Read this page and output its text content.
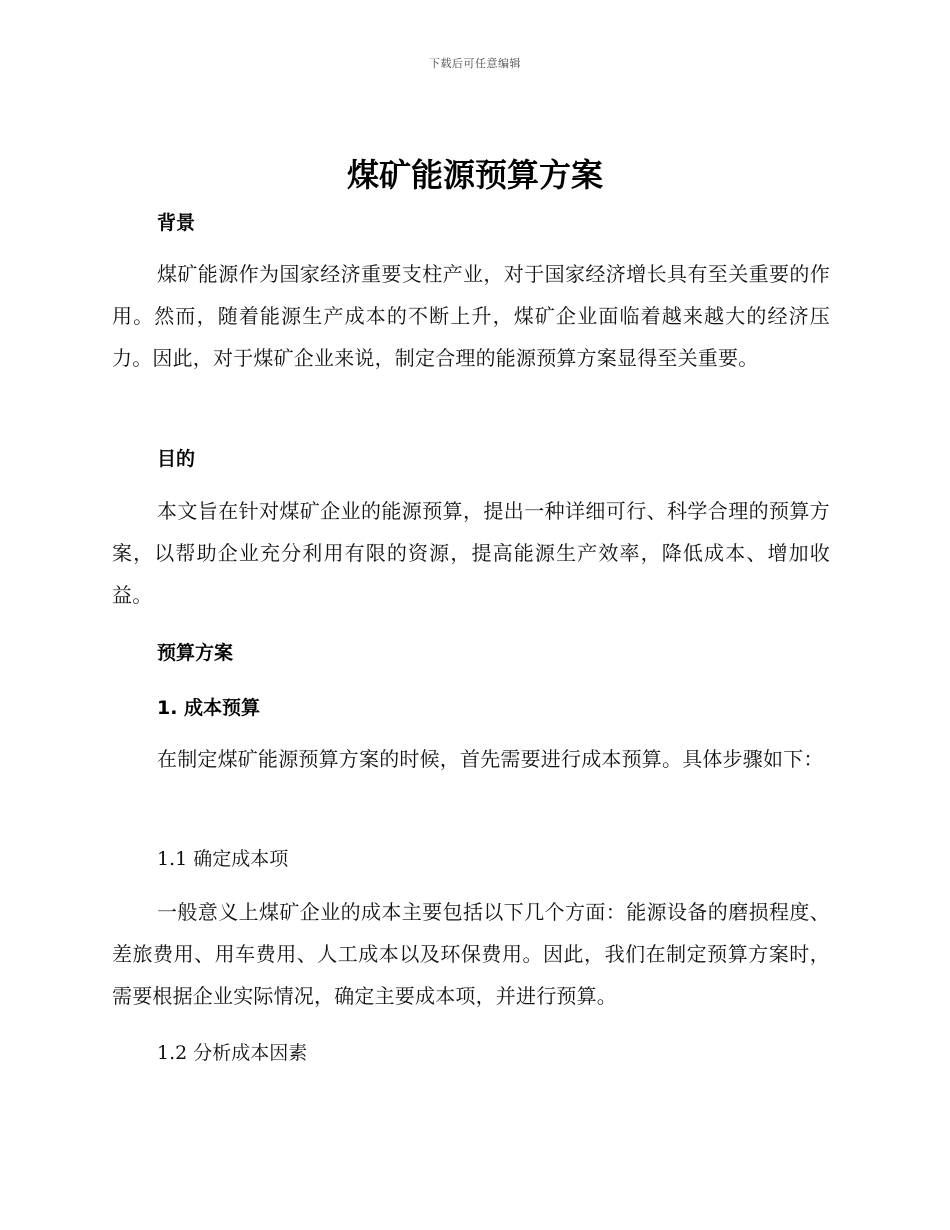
下载后可任意编辑
煤矿能源预算方案
背景
煤矿能源作为国家经济重要支柱产业，对于国家经济增长具有至关重要的作用。然而，随着能源生产成本的不断上升，煤矿企业面临着越来越大的经济压力。因此，对于煤矿企业来说，制定合理的能源预算方案显得至关重要。
目的
本文旨在针对煤矿企业的能源预算，提出一种详细可行、科学合理的预算方案，以帮助企业充分利用有限的资源，提高能源生产效率，降低成本、增加收益。
预算方案
1. 成本预算
在制定煤矿能源预算方案的时候，首先需要进行成本预算。具体步骤如下：
1.1 确定成本项
一般意义上煤矿企业的成本主要包括以下几个方面：能源设备的磨损程度、差旅费用、用车费用、人工成本以及环保费用。因此，我们在制定预算方案时，需要根据企业实际情况，确定主要成本项，并进行预算。
1.2 分析成本因素
